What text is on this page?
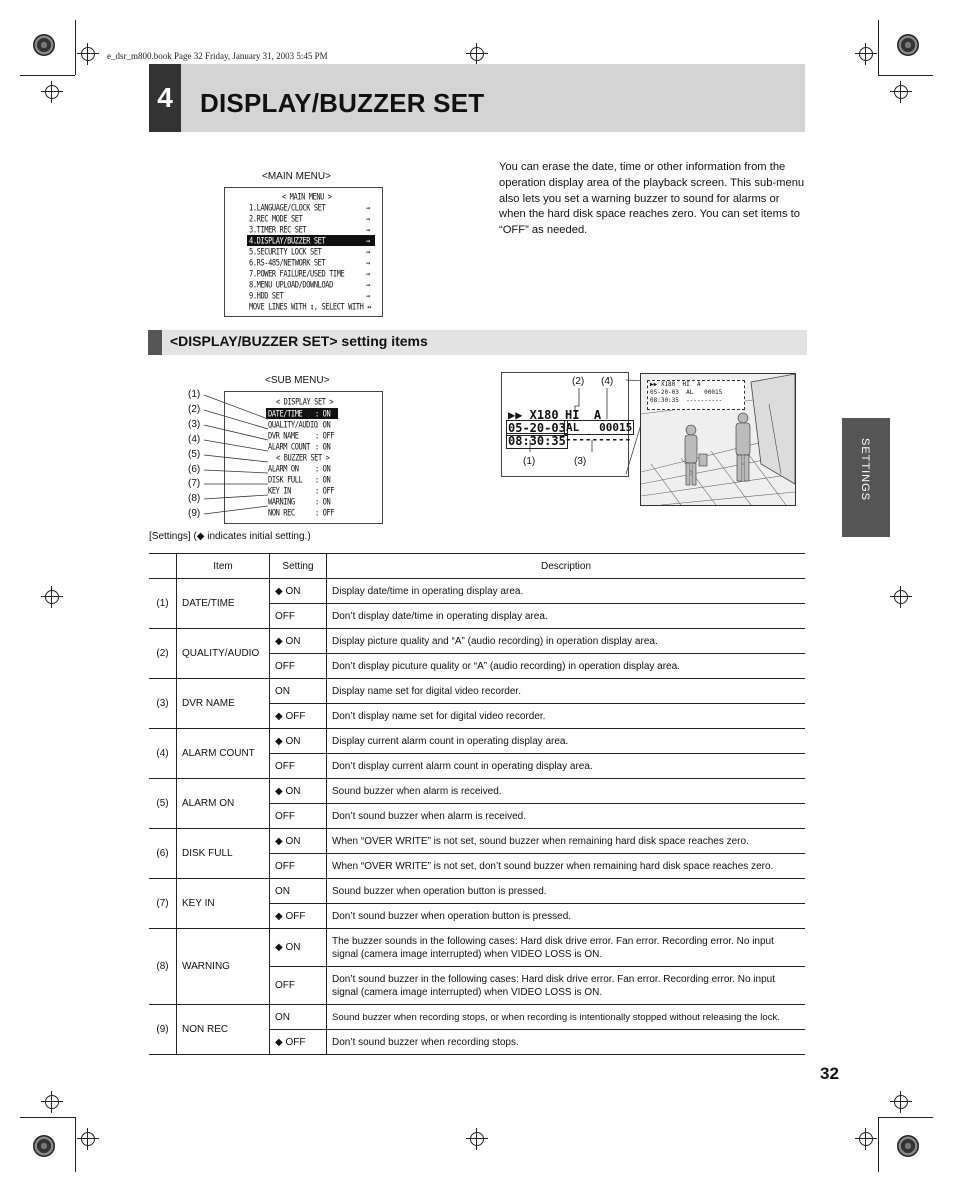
e_dsr_m800.book Page 32 Friday, January 31, 2003 5:45 PM
4	DISPLAY/BUZZER SET
<MAIN MENU>
< MAIN MENU >
1.LANGUAGE/CLOCK SET	→
2.REC MODE SET	→
3.TIMER REC SET	→
4.DISPLAY/BUZZER SET	→
5.SECURITY LOCK SET	→
6.RS-485/NETWORK SET	→
7.POWER FAILURE/USED TIME	→
8.MENU UPLOAD/DOWNLOAD	→
9.HDD SET	→
MOVE LINES WITH ↕, SELECT WITH ↔
You can erase the date, time or other information from the operation display area of the playback screen. This sub-menu also lets you set a warning buzzer to sound for alarms or when the hard disk space reaches zero. You can set items to “OFF” as needed.
<DISPLAY/BUZZER SET> setting items
<SUB MENU>
< DISPLAY SET >
DATE/TIME : ON
QUALITY/AUDIO
: ON
DVR NAME : OFF
ALARM COUNT : ON
< BUZZER SET >
ALARM ON : ON
DISK FULL : ON
KEY IN	: OFF
WARNING	: ON
NON REC	: OFF
(1)
(2)
(3)
(4)
(5)
(6)
(7)
(8)
(9)
(2) (4)
▶▶ X180 HI  A
05-20-03 AL   00015
08:30:35 ----------
(1)	(3)
▶▶ X180  HI  A
05-20-03  AL   00015
08:30:35  ----------
[Settings] (◆ indicates initial setting.)
	Item	Setting	Description
(1)	DATE/TIME	◆ ON	Display date/time in operating display area.
		OFF	Don’t display date/time in operating display area.
(2)	QUALITY/AUDIO	◆ ON	Display picture quality and “A” (audio recording) in operation display area.
		OFF	Don’t display picuture quality or “A” (audio recording) in operation display area.
(3)	DVR NAME	ON	Display name set for digital video recorder.
		◆ OFF	Don’t display name set for digital video recorder.
(4)	ALARM COUNT	◆ ON	Display current alarm count in operating display area.
		OFF	Don’t display current alarm count in operating display area.
(5)	ALARM ON	◆ ON	Sound buzzer when alarm is received.
		OFF	Don’t sound buzzer when alarm is received.
(6)	DISK FULL	◆ ON	When “OVER WRITE” is not set, sound buzzer when remaining hard disk space reaches zero.
		OFF	When “OVER WRITE” is not set, don’t sound buzzer when remaining hard disk space reaches zero.
(7)	KEY IN	ON	Sound buzzer when operation button is pressed.
		◆ OFF	Don’t sound buzzer when operation button is pressed.
(8)	WARNING	◆ ON	The buzzer sounds in the following cases: Hard disk drive error. Fan error. Recording error. No input signal (camera image interrupted) when VIDEO LOSS is ON.
		OFF	Don’t sound buzzer in the following cases: Hard disk drive error. Fan error. Recording error. No input signal (camera image interrupted) when VIDEO LOSS is ON.
(9)	NON REC	ON	Sound buzzer when recording stops, or when recording is intentionally stopped without releasing the lock.
		◆ OFF	Don’t sound buzzer when recording stops.
SETTINGS
32
